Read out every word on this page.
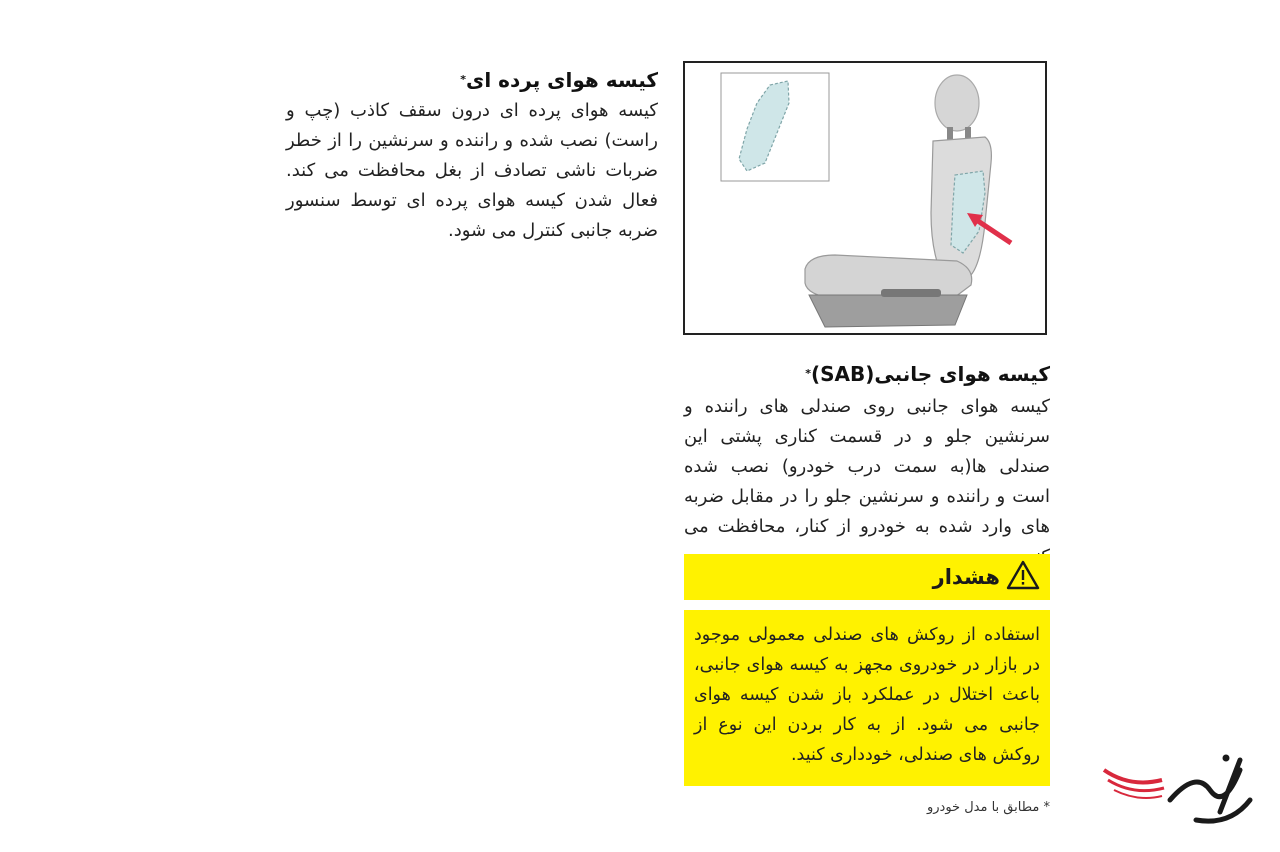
کیسه هوای پرده ای*
کیسه هوای پرده ای درون سقف کاذب (چپ و راست) نصب شده و راننده و سرنشین را از خطر ضربات ناشی تصادف از بغل محافظت می کند. فعال شدن کیسه هوای پرده ای توسط سنسور ضربه جانبی کنترل می شود.
کیسه هوای جانبی(SAB)*
کیسه هوای جانبی روی صندلی های راننده و سرنشین جلو و در قسمت کناری پشتی این صندلی ها(به سمت درب خودرو) نصب شده است و راننده و سرنشین جلو را در مقابل ضربه های وارد شده به خودرو از کنار، محافظت می
هشدار
استفاده از روکش های صندلی معمولی موجود در بازار در خودروی مجهز به کیسه هوای جانبی، باعث اختلال در عملکرد باز شدن کیسه هوای جانبی می شود. از به کار بردن این نوع از روکش های صندلی، خودداری کنید.
* مطابق با مدل خودرو
